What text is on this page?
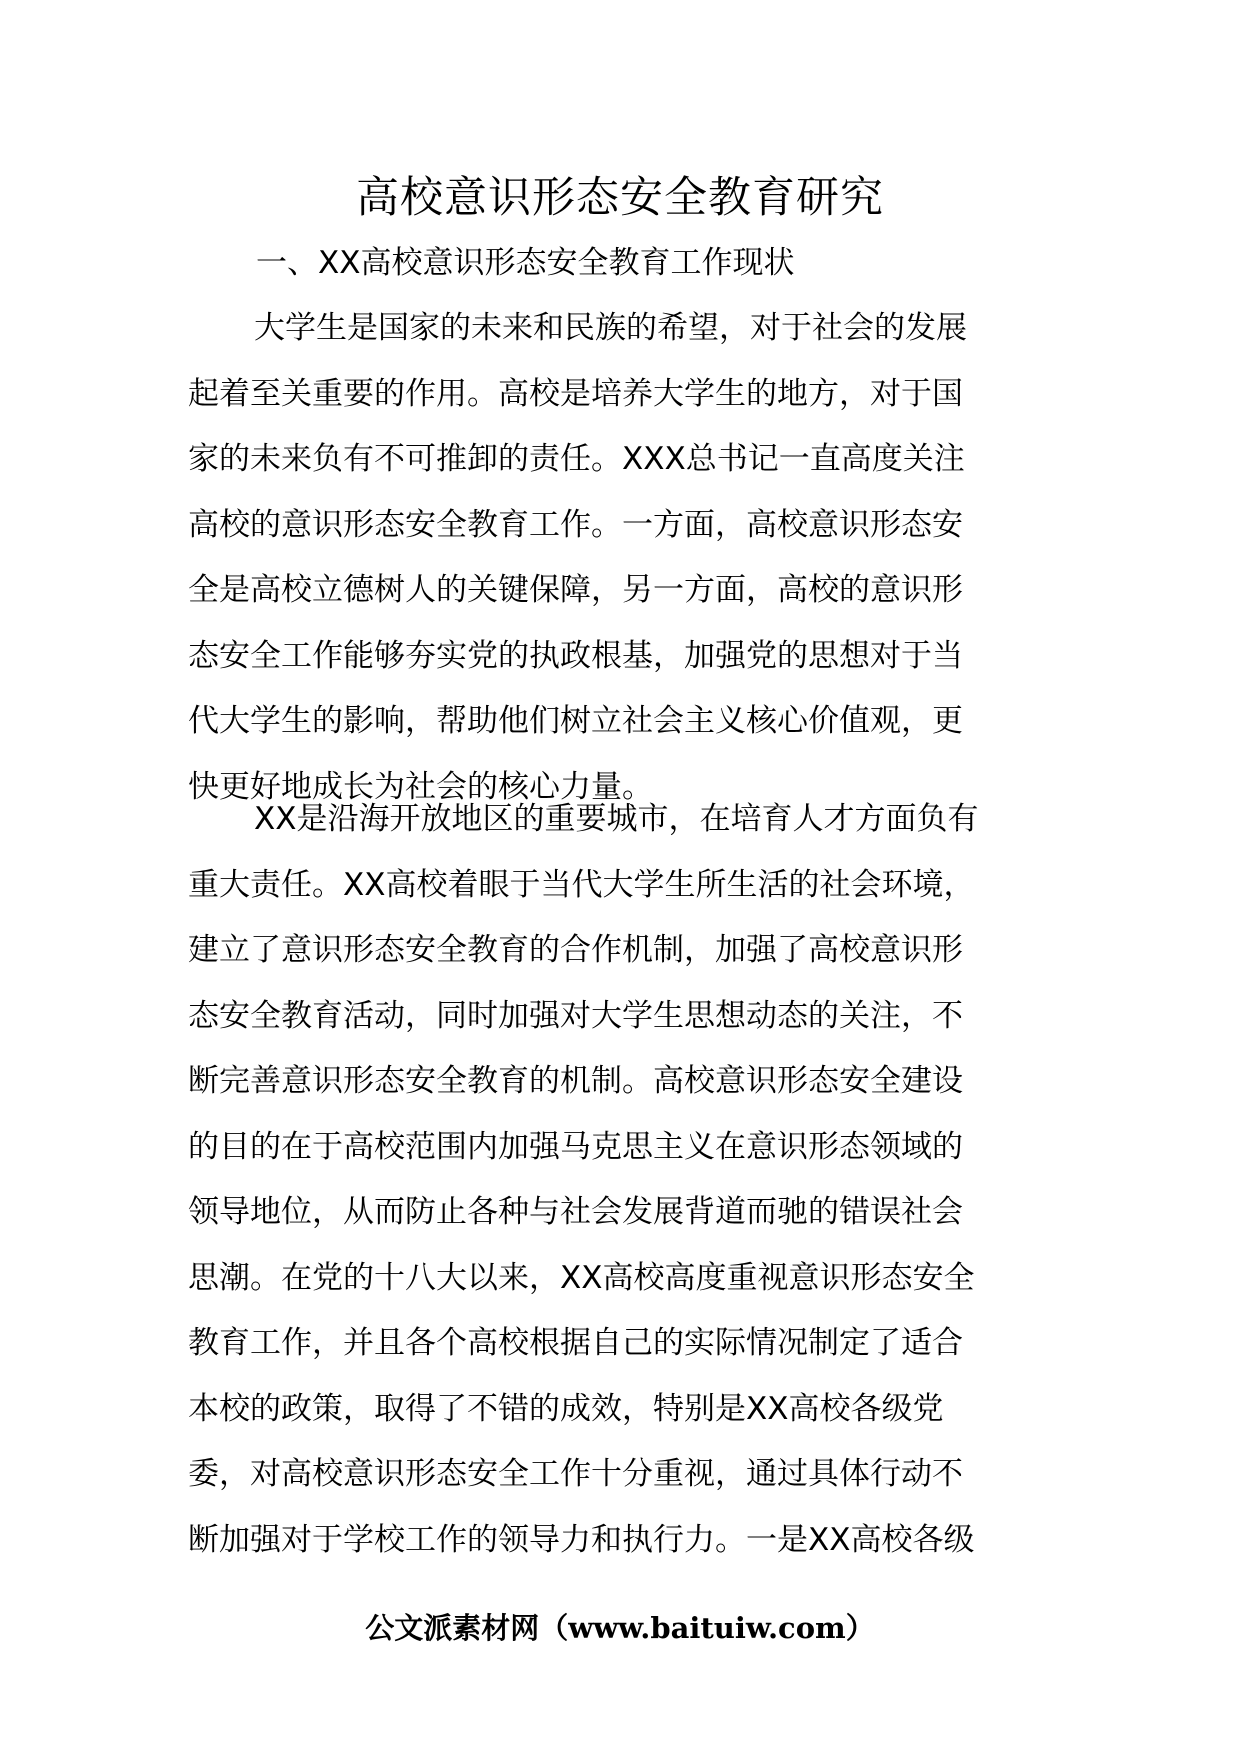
高校意识形态安全教育研究
一、XX高校意识形态安全教育工作现状
大学生是国家的未来和民族的希望，对于社会的发展
起着至关重要的作用。高校是培养大学生的地方，对于国
家的未来负有不可推卸的责任。XXX总书记一直高度关注
高校的意识形态安全教育工作。一方面，高校意识形态安
全是高校立德树人的关键保障，另一方面，高校的意识形
态安全工作能够夯实党的执政根基，加强党的思想对于当
代大学生的影响，帮助他们树立社会主义核心价值观，更
快更好地成长为社会的核心力量。
XX是沿海开放地区的重要城市，在培育人才方面负有
重大责任。XX高校着眼于当代大学生所生活的社会环境，
建立了意识形态安全教育的合作机制，加强了高校意识形
态安全教育活动，同时加强对大学生思想动态的关注，不
断完善意识形态安全教育的机制。高校意识形态安全建设
的目的在于高校范围内加强马克思主义在意识形态领域的
领导地位，从而防止各种与社会发展背道而驰的错误社会
思潮。在党的十八大以来，XX高校高度重视意识形态安全
教育工作，并且各个高校根据自己的实际情况制定了适合
本校的政策，取得了不错的成效，特别是XX高校各级党
委，对高校意识形态安全工作十分重视，通过具体行动不
断加强对于学校工作的领导力和执行力。一是XX高校各级

公文派素材网（www.baituiw.com）
